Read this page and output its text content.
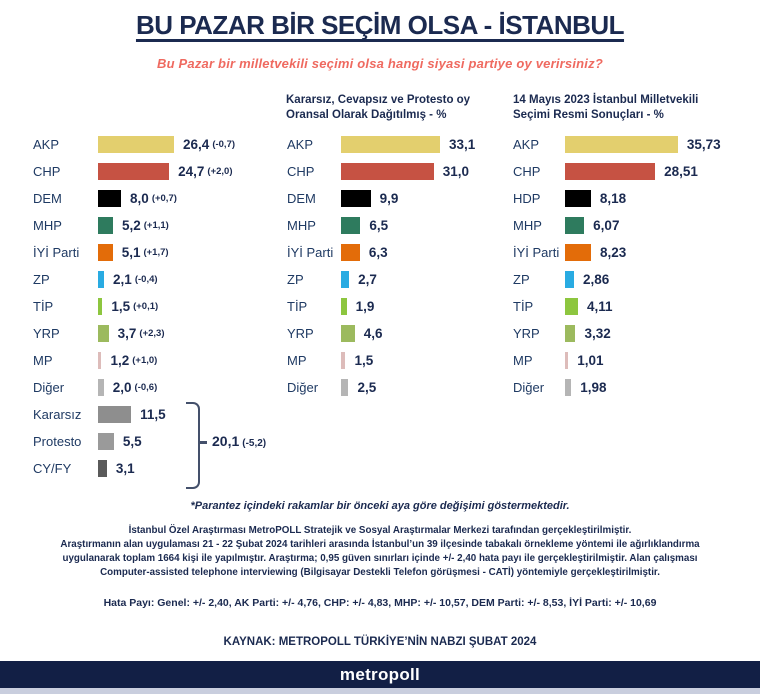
BU PAZAR BİR SEÇİM OLSA - İSTANBUL
Bu Pazar bir milletvekili seçimi olsa hangi siyasi partiye oy verirsiniz?
Kararsız, Cevapsız ve Protesto oy
Oransal Olarak Dağıtılmış - %
14 Mayıs 2023 İstanbul Milletvekili
Seçimi Resmi Sonuçları - %
AKP	26,4 (-0,7)
CHP	24,7 (+2,0)
DEM	8,0 (+0,7)
MHP	5,2 (+1,1)
İYİ Parti	5,1 (+1,7)
ZP	2,1 (-0,4)
TİP	1,5 (+0,1)
YRP	3,7 (+2,3)
MP	1,2 (+1,0)
Diğer	2,0 (-0,6)
Kararsız	11,5
Protesto	5,5
CY/FY	3,1
AKP	33,1
CHP	31,0
DEM	9,9
MHP	6,5
İYİ Parti	6,3
ZP	2,7
TİP	1,9
YRP	4,6
MP	1,5
Diğer	2,5
AKP	35,73
CHP	28,51
HDP	8,18
MHP	6,07
İYİ Parti	8,23
ZP	2,86
TİP	4,11
YRP	3,32
MP	1,01
Diğer	1,98
20,1 (-5,2)
*Parantez içindeki rakamlar bir önceki aya göre değişimi göstermektedir.
İstanbul Özel Araştırması MetroPOLL Stratejik ve Sosyal Araştırmalar Merkezi tarafından gerçekleştirilmiştir.
Araştırmanın alan uygulaması 21 - 22 Şubat 2024 tarihleri arasında İstanbul’un 39 ilçesinde tabakalı örnekleme yöntemi ile ağırlıklandırma
uygulanarak toplam 1664 kişi ile yapılmıştır. Araştırma; 0,95 güven sınırları içinde +/- 2,40 hata payı ile gerçekleştirilmiştir. Alan çalışması
Computer-assisted telephone interviewing (Bilgisayar Destekli Telefon görüşmesi - CATİ) yöntemiyle gerçekleştirilmiştir.
Hata Payı: Genel: +/- 2,40, AK Parti: +/- 4,76, CHP: +/- 4,83, MHP: +/- 10,57, DEM Parti: +/- 8,53, İYİ Parti: +/- 10,69
KAYNAK: METROPOLL TÜRKİYE’NİN NABZI ŞUBAT 2024
metropoll
